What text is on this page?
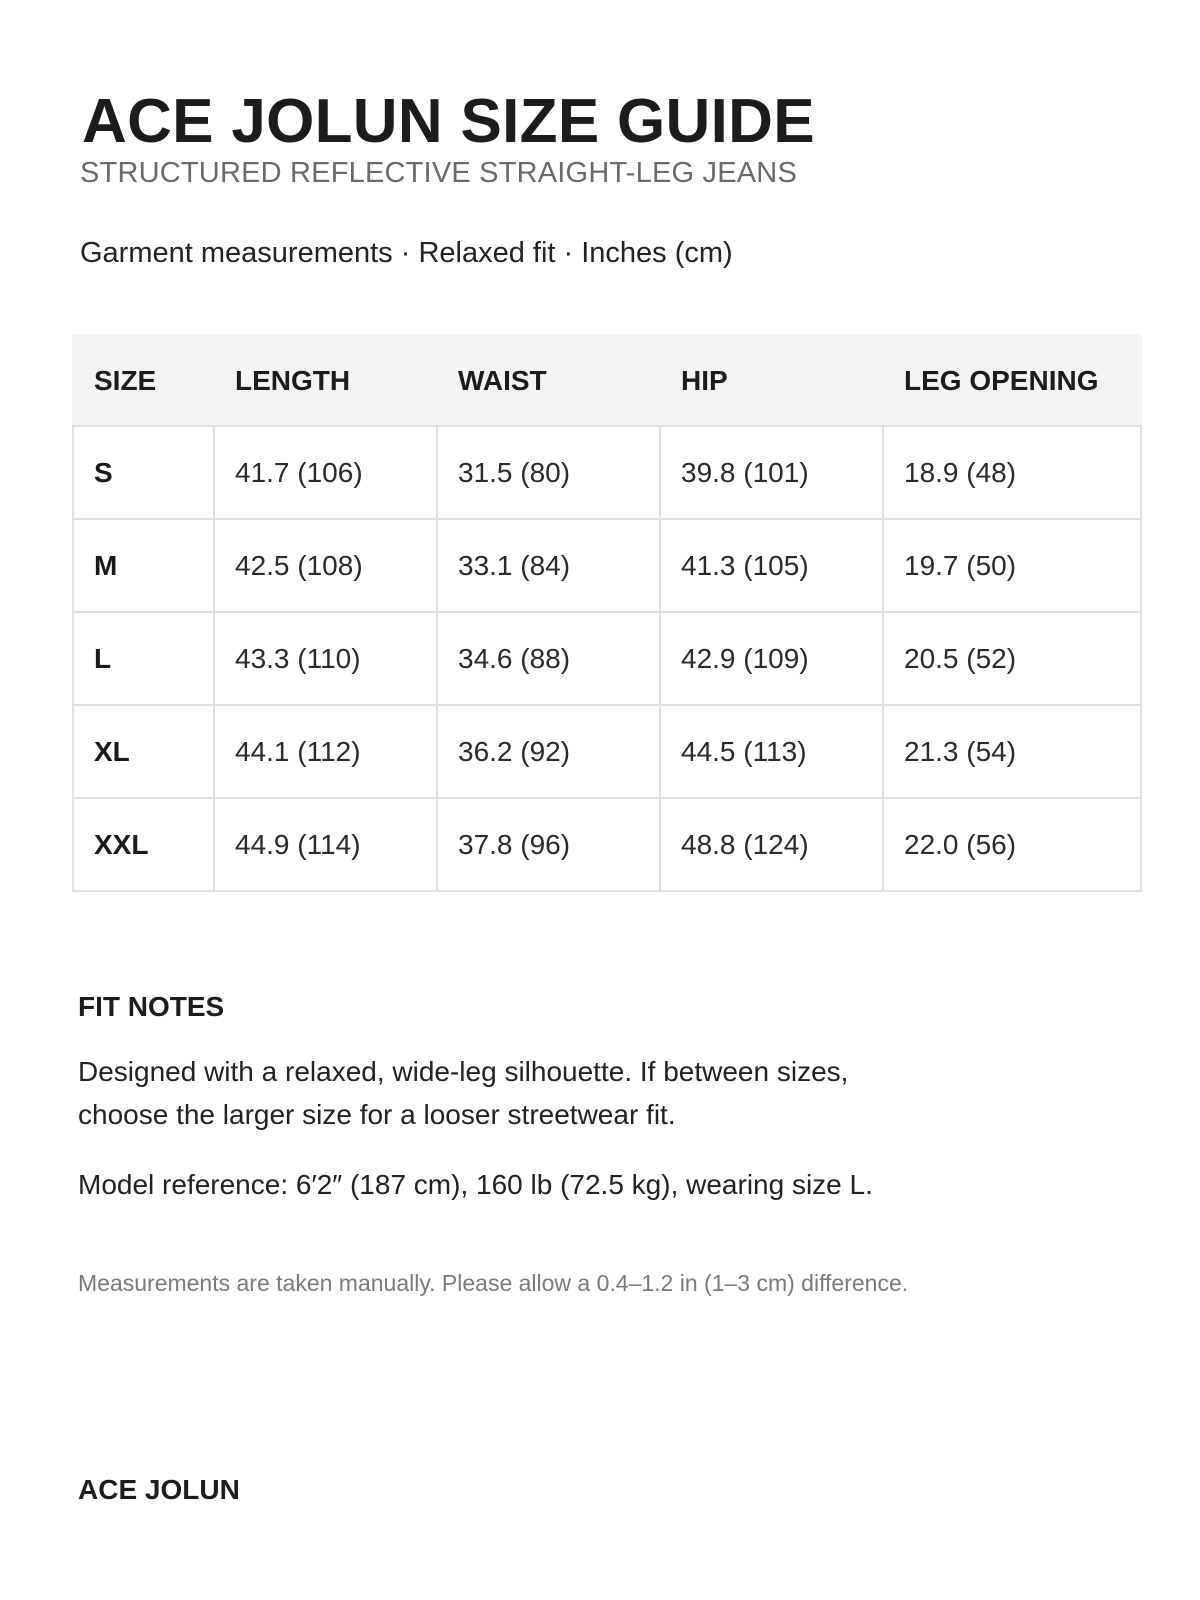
ACE JOLUN SIZE GUIDE

STRUCTURED REFLECTIVE STRAIGHT-LEG JEANS

Garment measurements · Relaxed fit · Inches (cm)

SIZE	LENGTH	WAIST	HIP	LEG OPENING
S	41.7 (106)	31.5 (80)	39.8 (101)	18.9 (48)
M	42.5 (108)	33.1 (84)	41.3 (105)	19.7 (50)
L	43.3 (110)	34.6 (88)	42.9 (109)	20.5 (52)
XL	44.1 (112)	36.2 (92)	44.5 (113)	21.3 (54)
XXL	44.9 (114)	37.8 (96)	48.8 (124)	22.0 (56)
FIT NOTES

Designed with a relaxed, wide-leg silhouette. If between sizes,
choose the larger size for a looser streetwear fit.

Model reference: 6′2″ (187 cm), 160 lb (72.5 kg), wearing size L.

Measurements are taken manually. Please allow a 0.4–1.2 in (1–3 cm) difference.

ACE JOLUN
